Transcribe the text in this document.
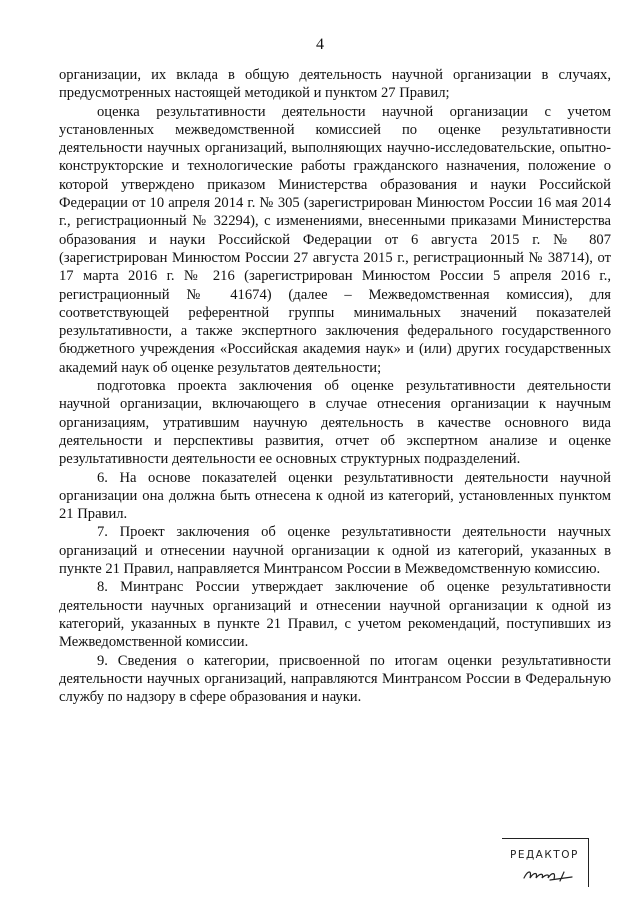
4

организации, их вклада в общую деятельность научной организации в случаях, предусмотренных настоящей методикой и пунктом 27 Правил;

оценка результативности деятельности научной организации с учетом установленных межведомственной комиссией по оценке результативности деятельности научных организаций, выполняющих научно-исследовательские, опытно-конструкторские и технологические работы гражданского назначения, положение о которой утверждено приказом Министерства образования и науки Российской Федерации от 10 апреля 2014 г. № 305 (зарегистрирован Минюстом России 16 мая 2014 г., регистрационный № 32294), с изменениями, внесенными приказами Министерства образования и науки Российской Федерации от 6 августа 2015 г. № 807 (зарегистрирован Минюстом России 27 августа 2015 г., регистрационный № 38714), от 17 марта 2016 г. № 216 (зарегистрирован Минюстом России 5 апреля 2016 г., регистрационный № 41674) (далее – Межведомственная комиссия), для соответствующей референтной группы минимальных значений показателей результативности, а также экспертного заключения федерального государственного бюджетного учреждения «Российская академия наук» и (или) других государственных академий наук об оценке результатов деятельности;

подготовка проекта заключения об оценке результативности деятельности научной организации, включающего в случае отнесения организации к научным организациям, утратившим научную деятельность в качестве основного вида деятельности и перспективы развития, отчет об экспертном анализе и оценке результативности деятельности ее основных структурных подразделений.

6. На основе показателей оценки результативности деятельности научной организации она должна быть отнесена к одной из категорий, установленных пунктом 21 Правил.

7. Проект заключения об оценке результативности деятельности научных организаций и отнесении научной организации к одной из категорий, указанных в пункте 21 Правил, направляется Минтрансом России в Межведомственную комиссию.

8. Минтранс России утверждает заключение об оценке результативности деятельности научных организаций и отнесении научной организации к одной из категорий, указанных в пункте 21 Правил, с учетом рекомендаций, поступивших из Межведомственной комиссии.

9. Сведения о категории, присвоенной по итогам оценки результативности деятельности научных организаций, направляются Минтрансом России в Федеральную службу по надзору в сфере образования и науки.

РЕДАКТОР
